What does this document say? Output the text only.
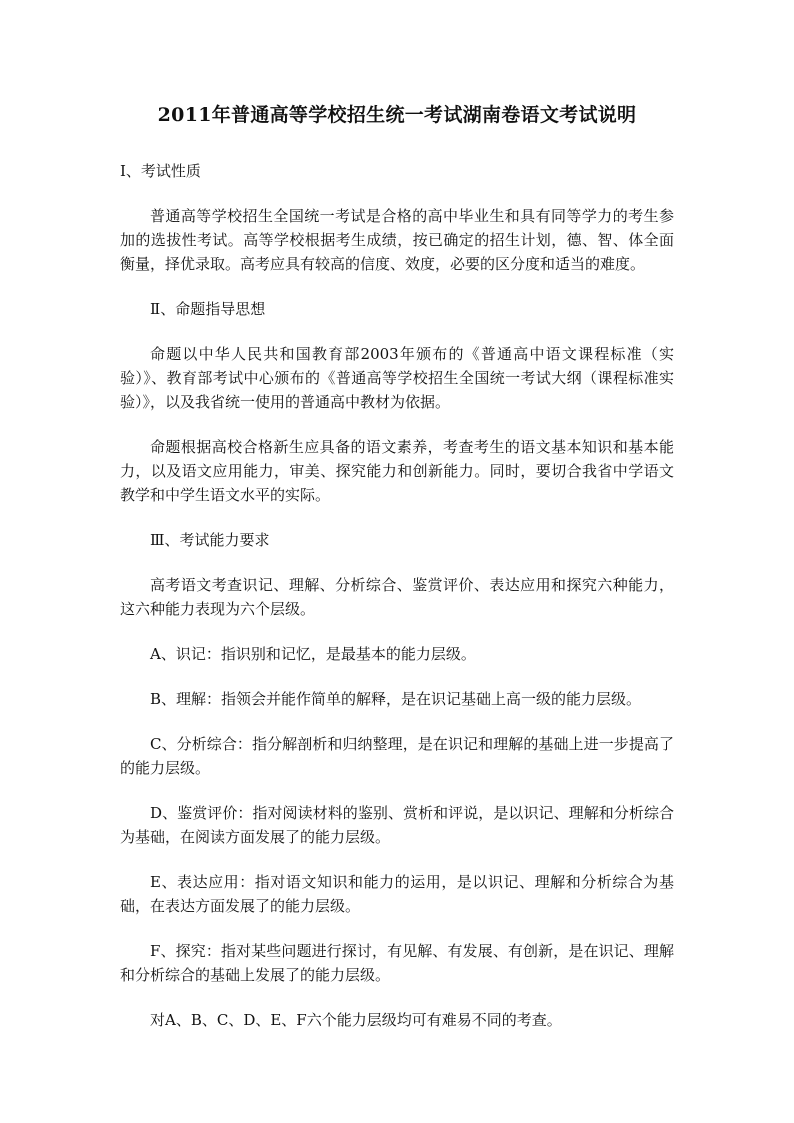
2011年普通高等学校招生统一考试湖南卷语文考试说明

Ⅰ、考试性质

普通高等学校招生全国统一考试是合格的高中毕业生和具有同等学力的考生参加的选拔性考试。高等学校根据考生成绩，按已确定的招生计划，德、智、体全面衡量，择优录取。高考应具有较高的信度、效度，必要的区分度和适当的难度。

Ⅱ、命题指导思想

命题以中华人民共和国教育部2003年颁布的《普通高中语文课程标准（实验）》、教育部考试中心颁布的《普通高等学校招生全国统一考试大纲（课程标准实验）》，以及我省统一使用的普通高中教材为依据。

命题根据高校合格新生应具备的语文素养，考查考生的语文基本知识和基本能力，以及语文应用能力，审美、探究能力和创新能力。同时，要切合我省中学语文教学和中学生语文水平的实际。

Ⅲ、考试能力要求

高考语文考查识记、理解、分析综合、鉴赏评价、表达应用和探究六种能力，这六种能力表现为六个层级。

A、识记：指识别和记忆，是最基本的能力层级。

B、理解：指领会并能作简单的解释，是在识记基础上高一级的能力层级。

C、分析综合：指分解剖析和归纳整理，是在识记和理解的基础上进一步提高了的能力层级。

D、鉴赏评价：指对阅读材料的鉴别、赏析和评说，是以识记、理解和分析综合为基础，在阅读方面发展了的能力层级。

E、表达应用：指对语文知识和能力的运用，是以识记、理解和分析综合为基础，在表达方面发展了的能力层级。

F、探究：指对某些问题进行探讨，有见解、有发展、有创新，是在识记、理解和分析综合的基础上发展了的能力层级。

对A、B、C、D、E、F六个能力层级均可有难易不同的考查。
